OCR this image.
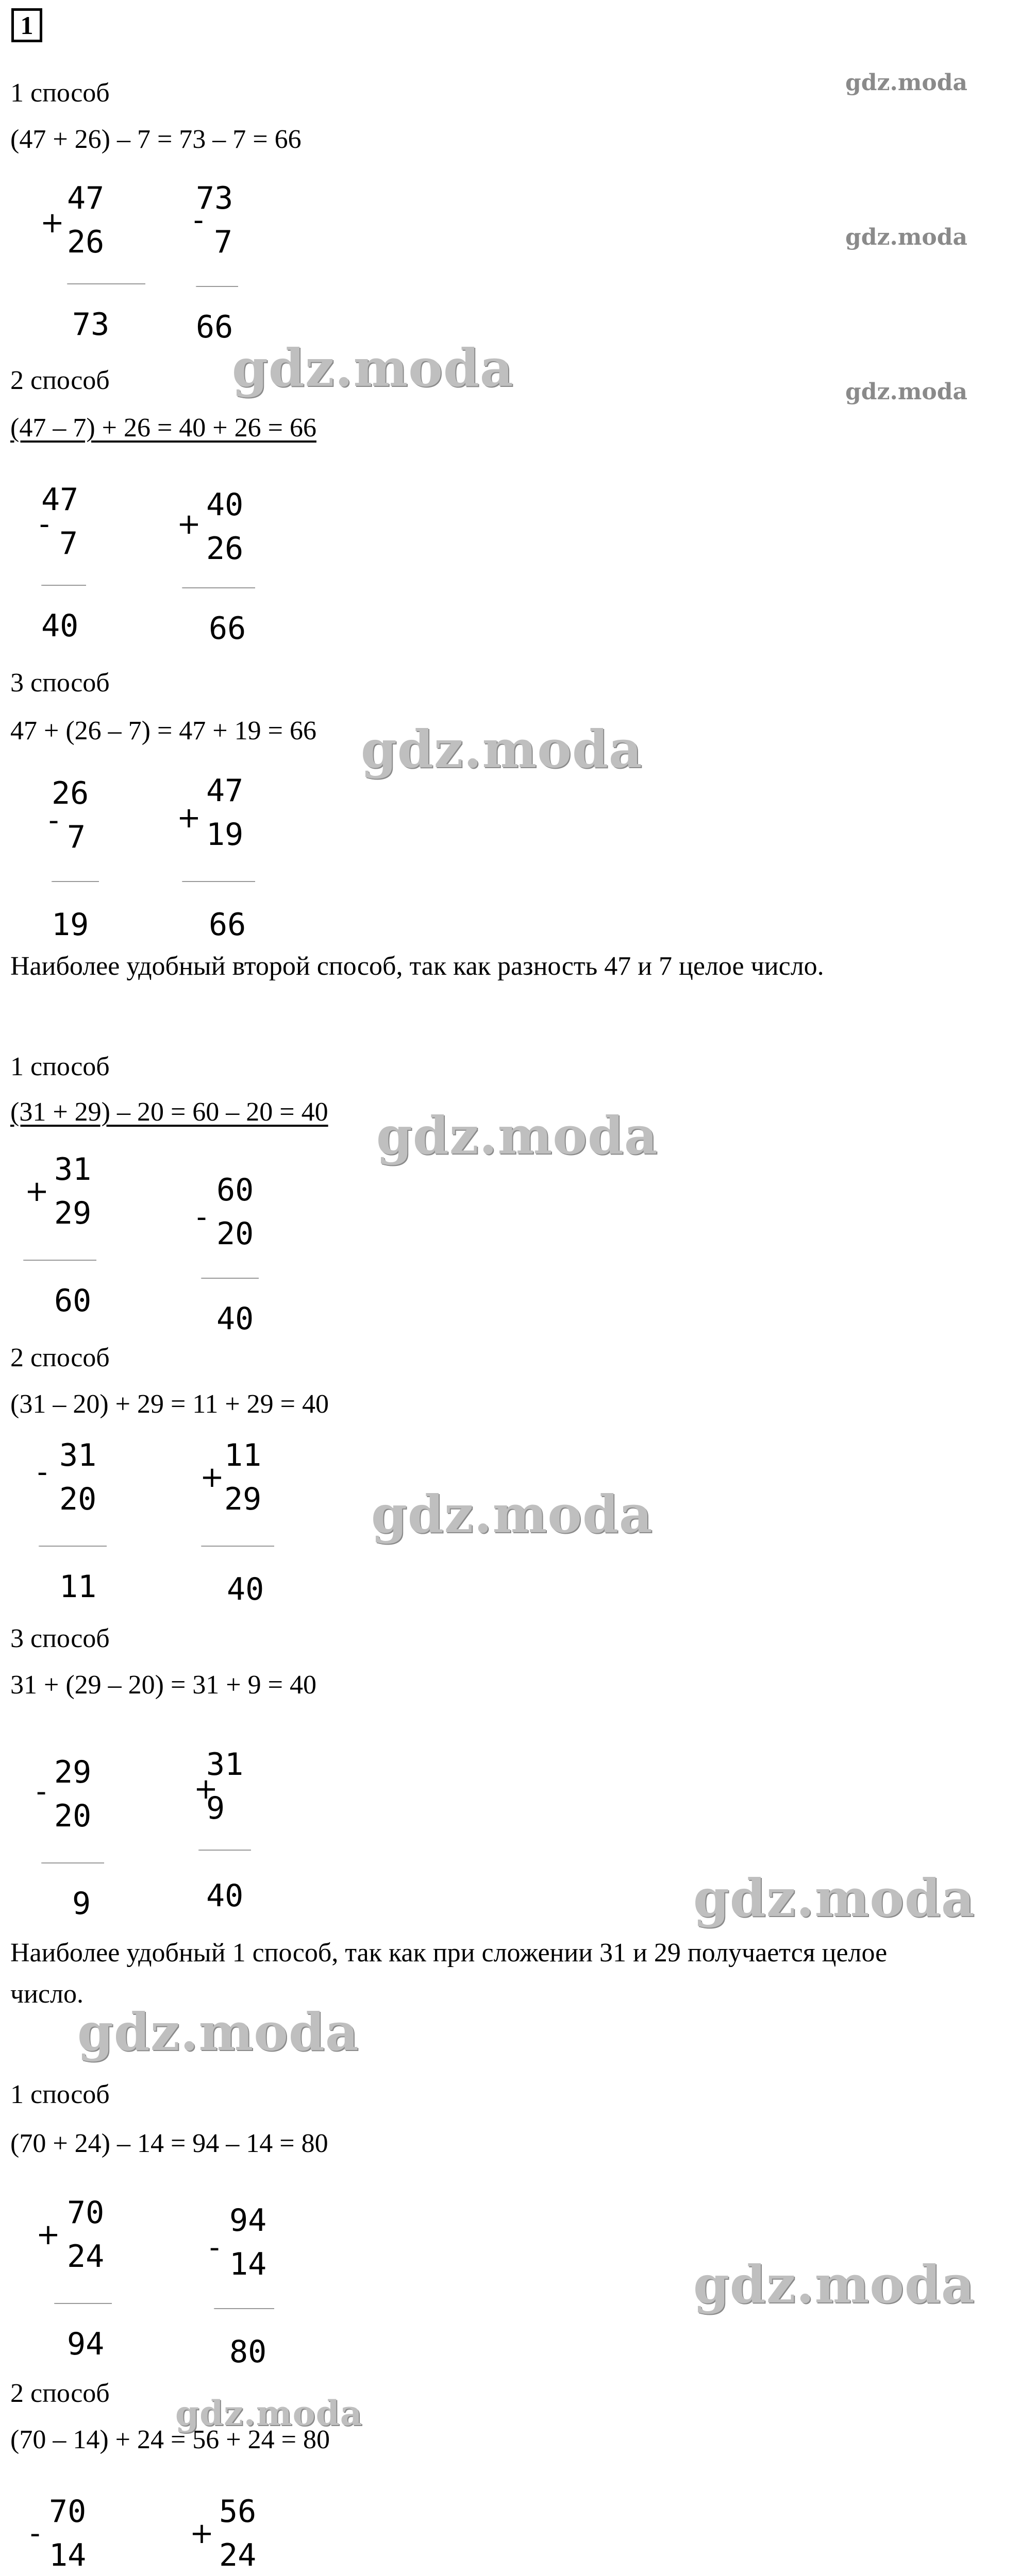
1
1 способ
(47 + 26) – 7 = 73 – 7 = 66
+
47
26
73
-
73
7
66
2 способ
(47 – 7) + 26 = 40 + 26 = 66
-
47
7
40
+
40
26
66
3 способ
47 + (26 – 7) = 47 + 19 = 66
-
26
7
19
+
47
19
66
Наиболее удобный второй способ, так как разность 47 и 7 целое число.
1 способ
(31 + 29) – 20 = 60 – 20 = 40
+
31
29
60
-
60
20
40
2 способ
(31 – 20) + 29 = 11 + 29 = 40
- 31
20
11
+
11
29
40
3 способ
31 + (29 – 20) = 31 + 9 = 40
-
29
20
9
+
31
9
40
Наиболее удобный 1 способ, так как при сложении 31 и 29 получается целое
число.
1 способ
(70 + 24) – 14 = 94 – 14 = 80
+
70
24
94
-
94
14
80
2 способ
(70 – 14) + 24 = 56 + 24 = 80
-
70
14
+
56
24
gdz.moda
gdz.moda
gdz.moda
gdz.moda
gdz.moda
gdz.moda
gdz.moda
gdz.moda
gdz.moda
gdz.moda
gdz.moda
